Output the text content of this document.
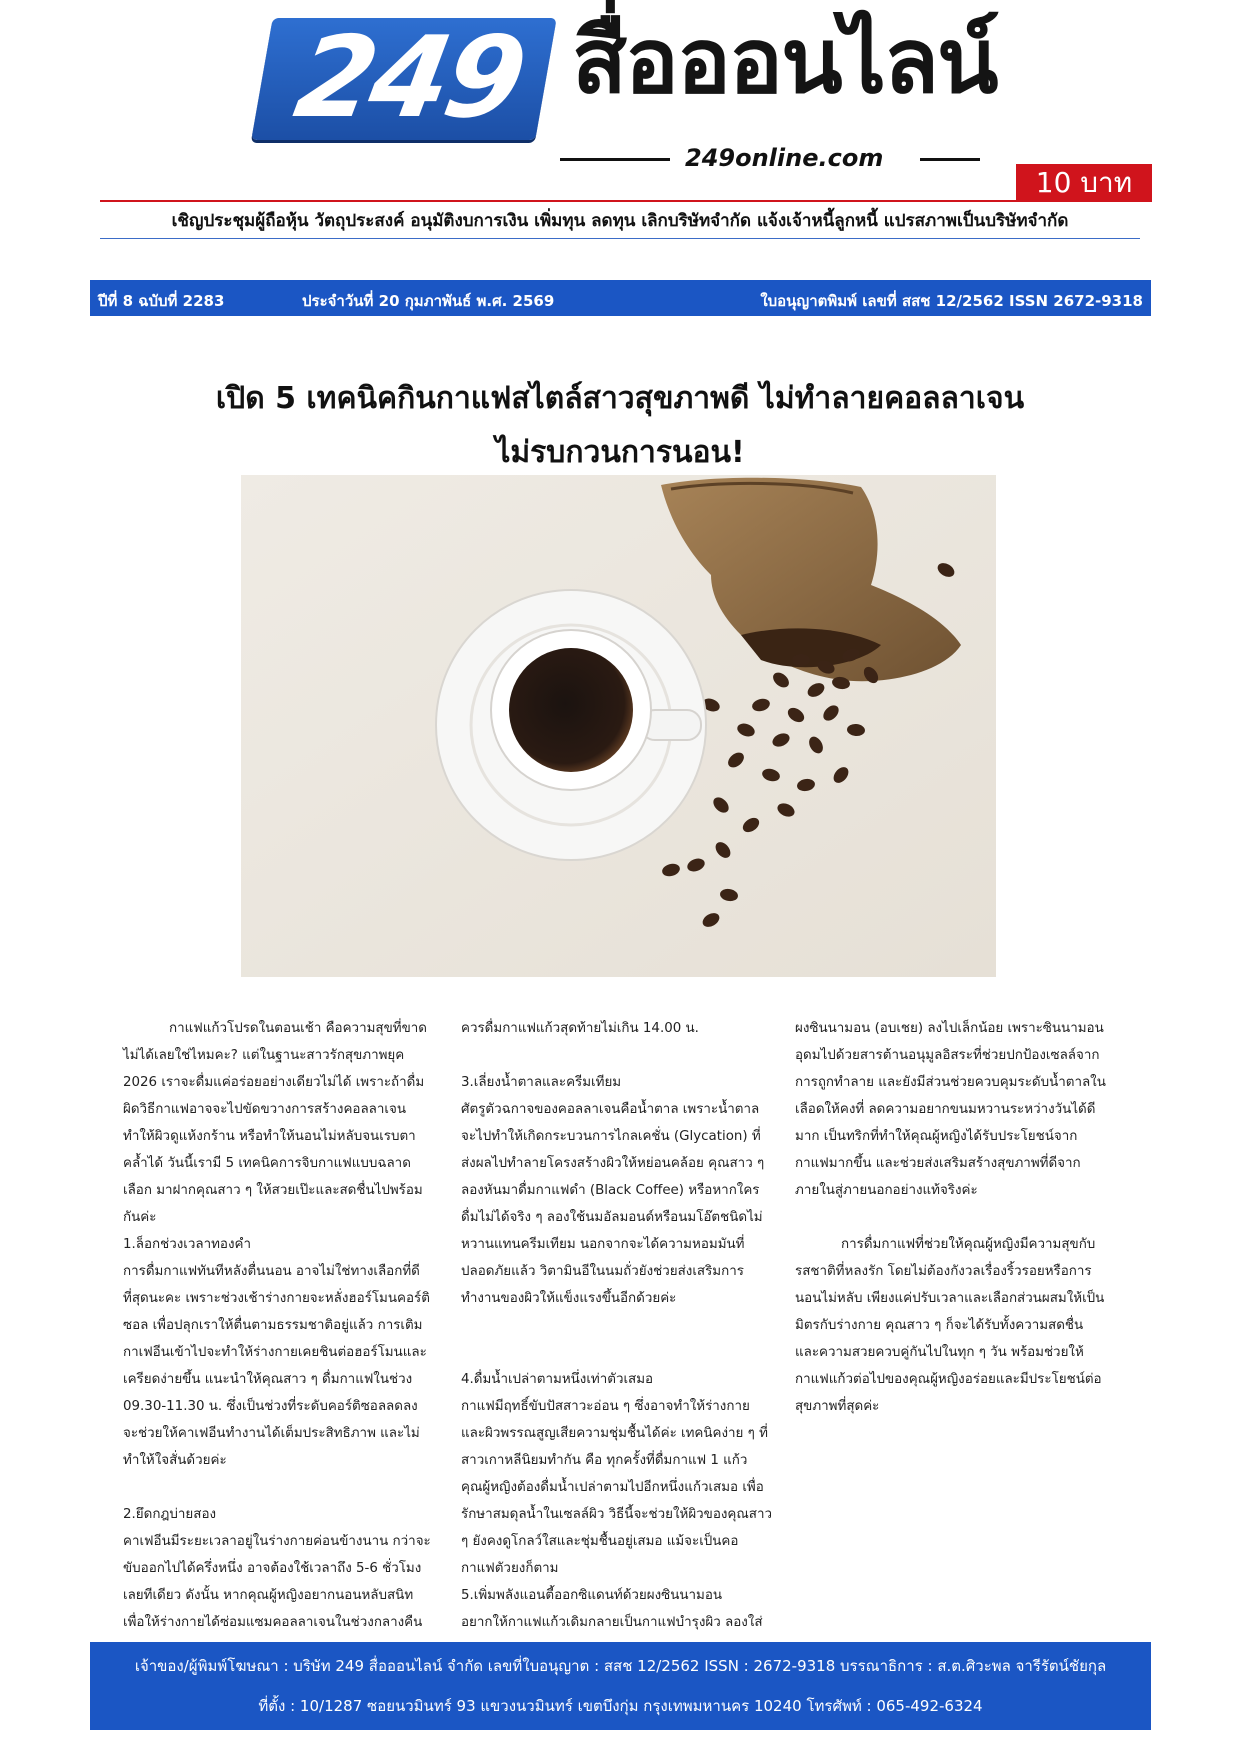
249 สื่อออนไลน์
249online.com
10 บาท
เชิญประชุมผู้ถือหุ้น วัตถุประสงค์ อนุมัติงบการเงิน เพิ่มทุน ลดทุน เลิกบริษัทจำกัด แจ้งเจ้าหนี้ลูกหนี้ แปรสภาพเป็นบริษัทจำกัด
ปีที่ 8 ฉบับที่ 2283	ประจำวันที่ 20 กุมภาพันธ์ พ.ศ. 2569	ใบอนุญาตพิมพ์ เลขที่ สสช 12/2562 ISSN 2672-9318
เปิด 5 เทคนิคกินกาแฟสไตล์สาวสุขภาพดี ไม่ทำลายคอลลาเจน
ไม่รบกวนการนอน!

กาแฟแก้วโปรดในตอนเช้า คือความสุขที่ขาดไม่ได้เลยใช่ไหมคะ? แต่ในฐานะสาวรักสุขภาพยุค 2026 เราจะดื่มแค่อร่อยอย่างเดียวไม่ได้ เพราะถ้าดื่มผิดวิธีกาแฟอาจจะไปขัดขวางการสร้างคอลลาเจน ทำให้ผิวดูแห้งกร้าน หรือทำให้นอนไม่หลับจนเรบตาคล้ำได้ วันนี้เรามี 5 เทคนิคการจิบกาแฟแบบฉลาดเลือก มาฝากคุณสาว ๆ ให้สวยเป๊ะและสดชื่นไปพร้อมกันค่ะ

1.ล็อกช่วงเวลาทองคำ

การดื่มกาแฟทันทีหลังตื่นนอน อาจไม่ใช่ทางเลือกที่ดีที่สุดนะคะ เพราะช่วงเช้าร่างกายจะหลั่งฮอร์โมนคอร์ติซอล เพื่อปลุกเราให้ตื่นตามธรรมชาติอยู่แล้ว การเติมกาเฟอีนเข้าไปจะทำให้ร่างกายเคยชินต่อฮอร์โมนและเครียดง่ายขึ้น แนะนำให้คุณสาว ๆ ดื่มกาแฟในช่วง 09.30-11.30 น. ซึ่งเป็นช่วงที่ระดับคอร์ติซอลลดลง จะช่วยให้คาเฟอีนทำงานได้เต็มประสิทธิภาพ และไม่ทำให้ใจสั่นด้วยค่ะ

2.ยึดกฎบ่ายสอง

คาเฟอีนมีระยะเวลาอยู่ในร่างกายค่อนข้างนาน กว่าจะขับออกไปได้ครึ่งหนึ่ง อาจต้องใช้เวลาถึง 5-6 ชั่วโมงเลยทีเดียว ดังนั้น หากคุณผู้หญิงอยากนอนหลับสนิท เพื่อให้ร่างกายได้ซ่อมแซมคอลลาเจนในช่วงกลางคืน

ควรดื่มกาแฟแก้วสุดท้ายไม่เกิน 14.00 น.

3.เลี่ยงน้ำตาลและครีมเทียม

ศัตรูตัวฉกาจของคอลลาเจนคือน้ำตาล เพราะน้ำตาลจะไปทำให้เกิดกระบวนการไกลเคชั่น (Glycation) ที่ส่งผลไปทำลายโครงสร้างผิวให้หย่อนคล้อย คุณสาว ๆ ลองหันมาดื่มกาแฟดำ (Black Coffee) หรือหากใครดื่มไม่ได้จริง ๆ ลองใช้นมอัลมอนด์หรือนมโอ๊ตชนิดไม่หวานแทนครีมเทียม นอกจากจะได้ความหอมมันที่ปลอดภัยแล้ว วิตามินอีในนมถั่วยังช่วยส่งเสริมการทำงานของผิวให้แข็งแรงขึ้นอีกด้วยค่ะ

4.ดื่มน้ำเปล่าตามหนึ่งเท่าตัวเสมอ

กาแฟมีฤทธิ์ขับปัสสาวะอ่อน ๆ ซึ่งอาจทำให้ร่างกายและผิวพรรณสูญเสียความชุ่มชื้นได้ค่ะ เทคนิคง่าย ๆ ที่สาวเกาหลีนิยมทำกัน คือ ทุกครั้งที่ดื่มกาแฟ 1 แก้ว คุณผู้หญิงต้องดื่มน้ำเปล่าตามไปอีกหนึ่งแก้วเสมอ เพื่อรักษาสมดุลน้ำในเซลล์ผิว วิธีนี้จะช่วยให้ผิวของคุณสาว ๆ ยังคงดูโกลว์ใสและชุ่มชื้นอยู่เสมอ แม้จะเป็นคอกาแฟตัวยงก็ตาม

5.เพิ่มพลังแอนตี้ออกซิแดนท์ด้วยผงซินนามอน

อยากให้กาแฟแก้วเดิมกลายเป็นกาแฟบำรุงผิว ลองใส่

ผงซินนามอน (อบเชย) ลงไปเล็กน้อย เพราะซินนามอนอุดมไปด้วยสารต้านอนุมูลอิสระที่ช่วยปกป้องเซลล์จากการถูกทำลาย และยังมีส่วนช่วยควบคุมระดับน้ำตาลในเลือดให้คงที่ ลดความอยากขนมหวานระหว่างวันได้ดีมาก เป็นทริกที่ทำให้คุณผู้หญิงได้รับประโยชน์จากกาแฟมากขึ้น และช่วยส่งเสริมสร้างสุขภาพที่ดีจากภายในสู่ภายนอกอย่างแท้จริงค่ะ

การดื่มกาแฟที่ช่วยให้คุณผู้หญิงมีความสุขกับรสชาติที่หลงรัก โดยไม่ต้องกังวลเรื่องริ้วรอยหรือการนอนไม่หลับ เพียงแค่ปรับเวลาและเลือกส่วนผสมให้เป็นมิตรกับร่างกาย คุณสาว ๆ ก็จะได้รับทั้งความสดชื่นและความสวยควบคู่กันไปในทุก ๆ วัน พร้อมช่วยให้กาแฟแก้วต่อไปของคุณผู้หญิงอร่อยและมีประโยชน์ต่อสุขภาพที่สุดค่ะ

เจ้าของ/ผู้พิมพ์โฆษณา : บริษัท 249 สื่อออนไลน์ จำกัด เลขที่ใบอนุญาต : สสช 12/2562 ISSN : 2672-9318 บรรณาธิการ : ส.ต.ศิวะพล จารีรัตน์ชัยกุล
ที่ตั้ง : 10/1287 ซอยนวมินทร์ 93 แขวงนวมินทร์ เขตบึงกุ่ม กรุงเทพมหานคร 10240 โทรศัพท์ : 065-492-6324
